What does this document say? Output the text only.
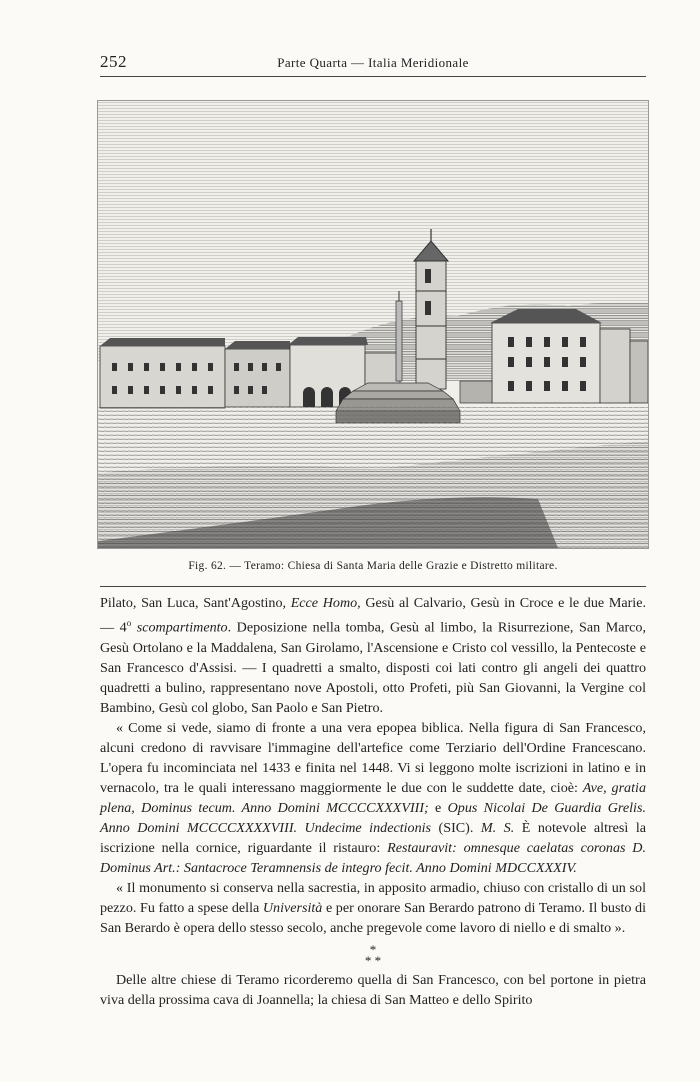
252	Parte Quarta — Italia Meridionale
Fig. 62. — Teramo: Chiesa di Santa Maria delle Grazie e Distretto militare.

Pilato, San Luca, Sant'Agostino, Ecce Homo, Gesù al Calvario, Gesù in Croce e le due Marie. — 4$^o$ scompartimento. Deposizione nella tomba, Gesù al limbo, la Risurrezione, San Marco, Gesù Ortolano e la Maddalena, San Girolamo, l'Ascensione e Cristo col vessillo, la Pentecoste e San Francesco d'Assisi. — I quadretti a smalto, disposti coi lati contro gli angeli dei quattro quadretti a bulino, rappresentano nove Apostoli, otto Profeti, più San Giovanni, la Vergine col Bambino, Gesù col globo, San Paolo e San Pietro.

« Come si vede, siamo di fronte a una vera epopea biblica. Nella figura di San Francesco, alcuni credono di ravvisare l'immagine dell'artefice come Terziario dell'Ordine Francescano. L'opera fu incominciata nel 1433 e finita nel 1448. Vi si leggono molte iscrizioni in latino e in vernacolo, tra le quali interessano maggiormente le due con le suddette date, cioè: Ave, gratia plena, Dominus tecum. Anno Domini MCCCCXXXVIII; e Opus Nicolai De Guardia Grelis. Anno Domini MCCCCXXXXVIII. Undecime indectionis (SIC). M. S. È notevole altresì la iscrizione nella cornice, riguardante il ristauro: Restauravit: omnesque caelatas coronas D. Dominus Art.: Santacroce Teramnensis de integro fecit. Anno Domini MDCCXXXIV.

« Il monumento si conserva nella sacrestia, in apposito armadio, chiuso con cristallo di un sol pezzo. Fu fatto a spese della Università e per onorare San Berardo patrono di Teramo. Il busto di San Berardo è opera dello stesso secolo, anche pregevole come lavoro di niello e di smalto ».

*
* *

Delle altre chiese di Teramo ricorderemo quella di San Francesco, con bel portone in pietra viva della prossima cava di Joannella; la chiesa di San Matteo e dello Spirito
